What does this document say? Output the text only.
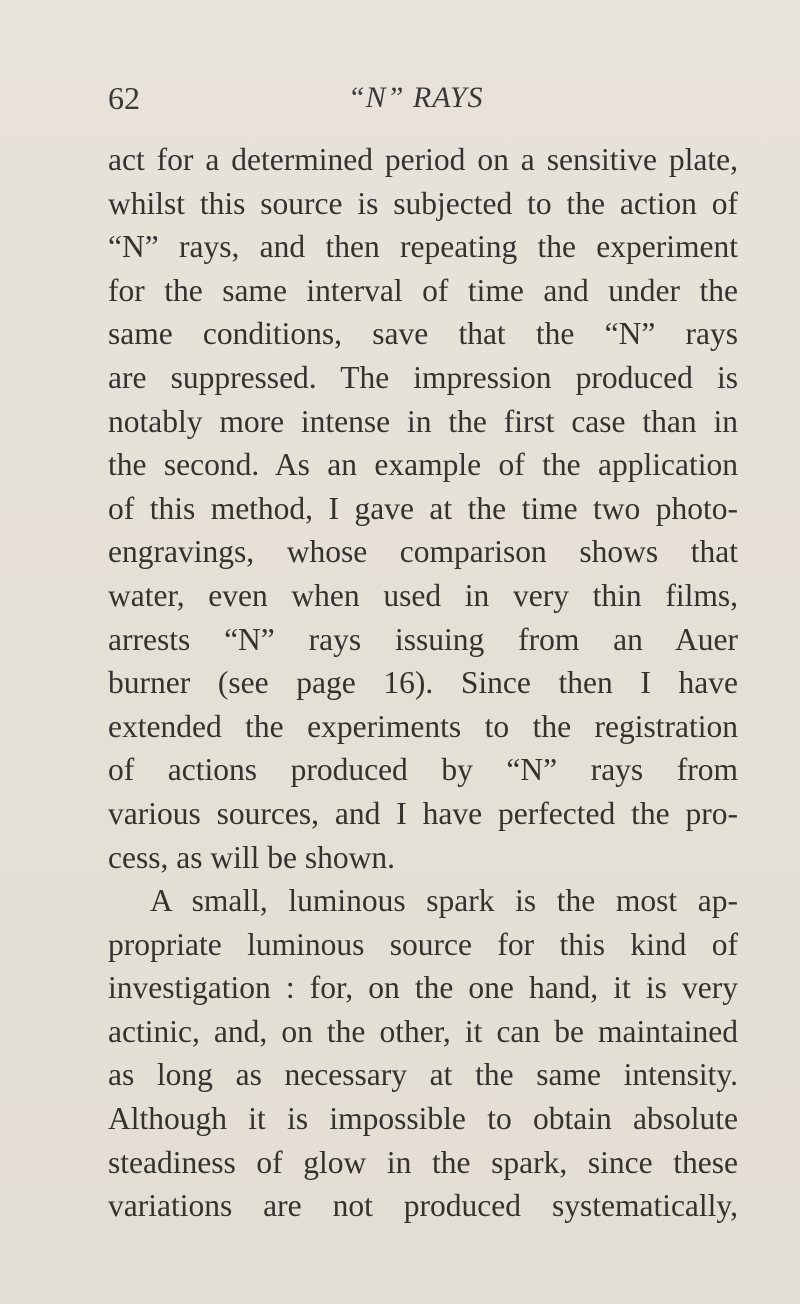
62	“N” RAYS
act for a determined period on a sensitive plate,
whilst this source is subjected to the action of
“N” rays, and then repeating the experiment
for the same interval of time and under the
same conditions, save that the “N” rays
are suppressed. The impression produced is
notably more intense in the first case than in
the second. As an example of the application
of this method, I gave at the time two photo-
engravings, whose comparison shows that
water, even when used in very thin films,
arrests “N” rays issuing from an Auer
burner (see page 16). Since then I have
extended the experiments to the registration
of actions produced by “N” rays from
various sources, and I have perfected the pro-
cess, as will be shown.
A small, luminous spark is the most ap-
propriate luminous source for this kind of
investigation : for, on the one hand, it is very
actinic, and, on the other, it can be maintained
as long as necessary at the same intensity.
Although it is impossible to obtain absolute
steadiness of glow in the spark, since these
variations are not produced systematically,
